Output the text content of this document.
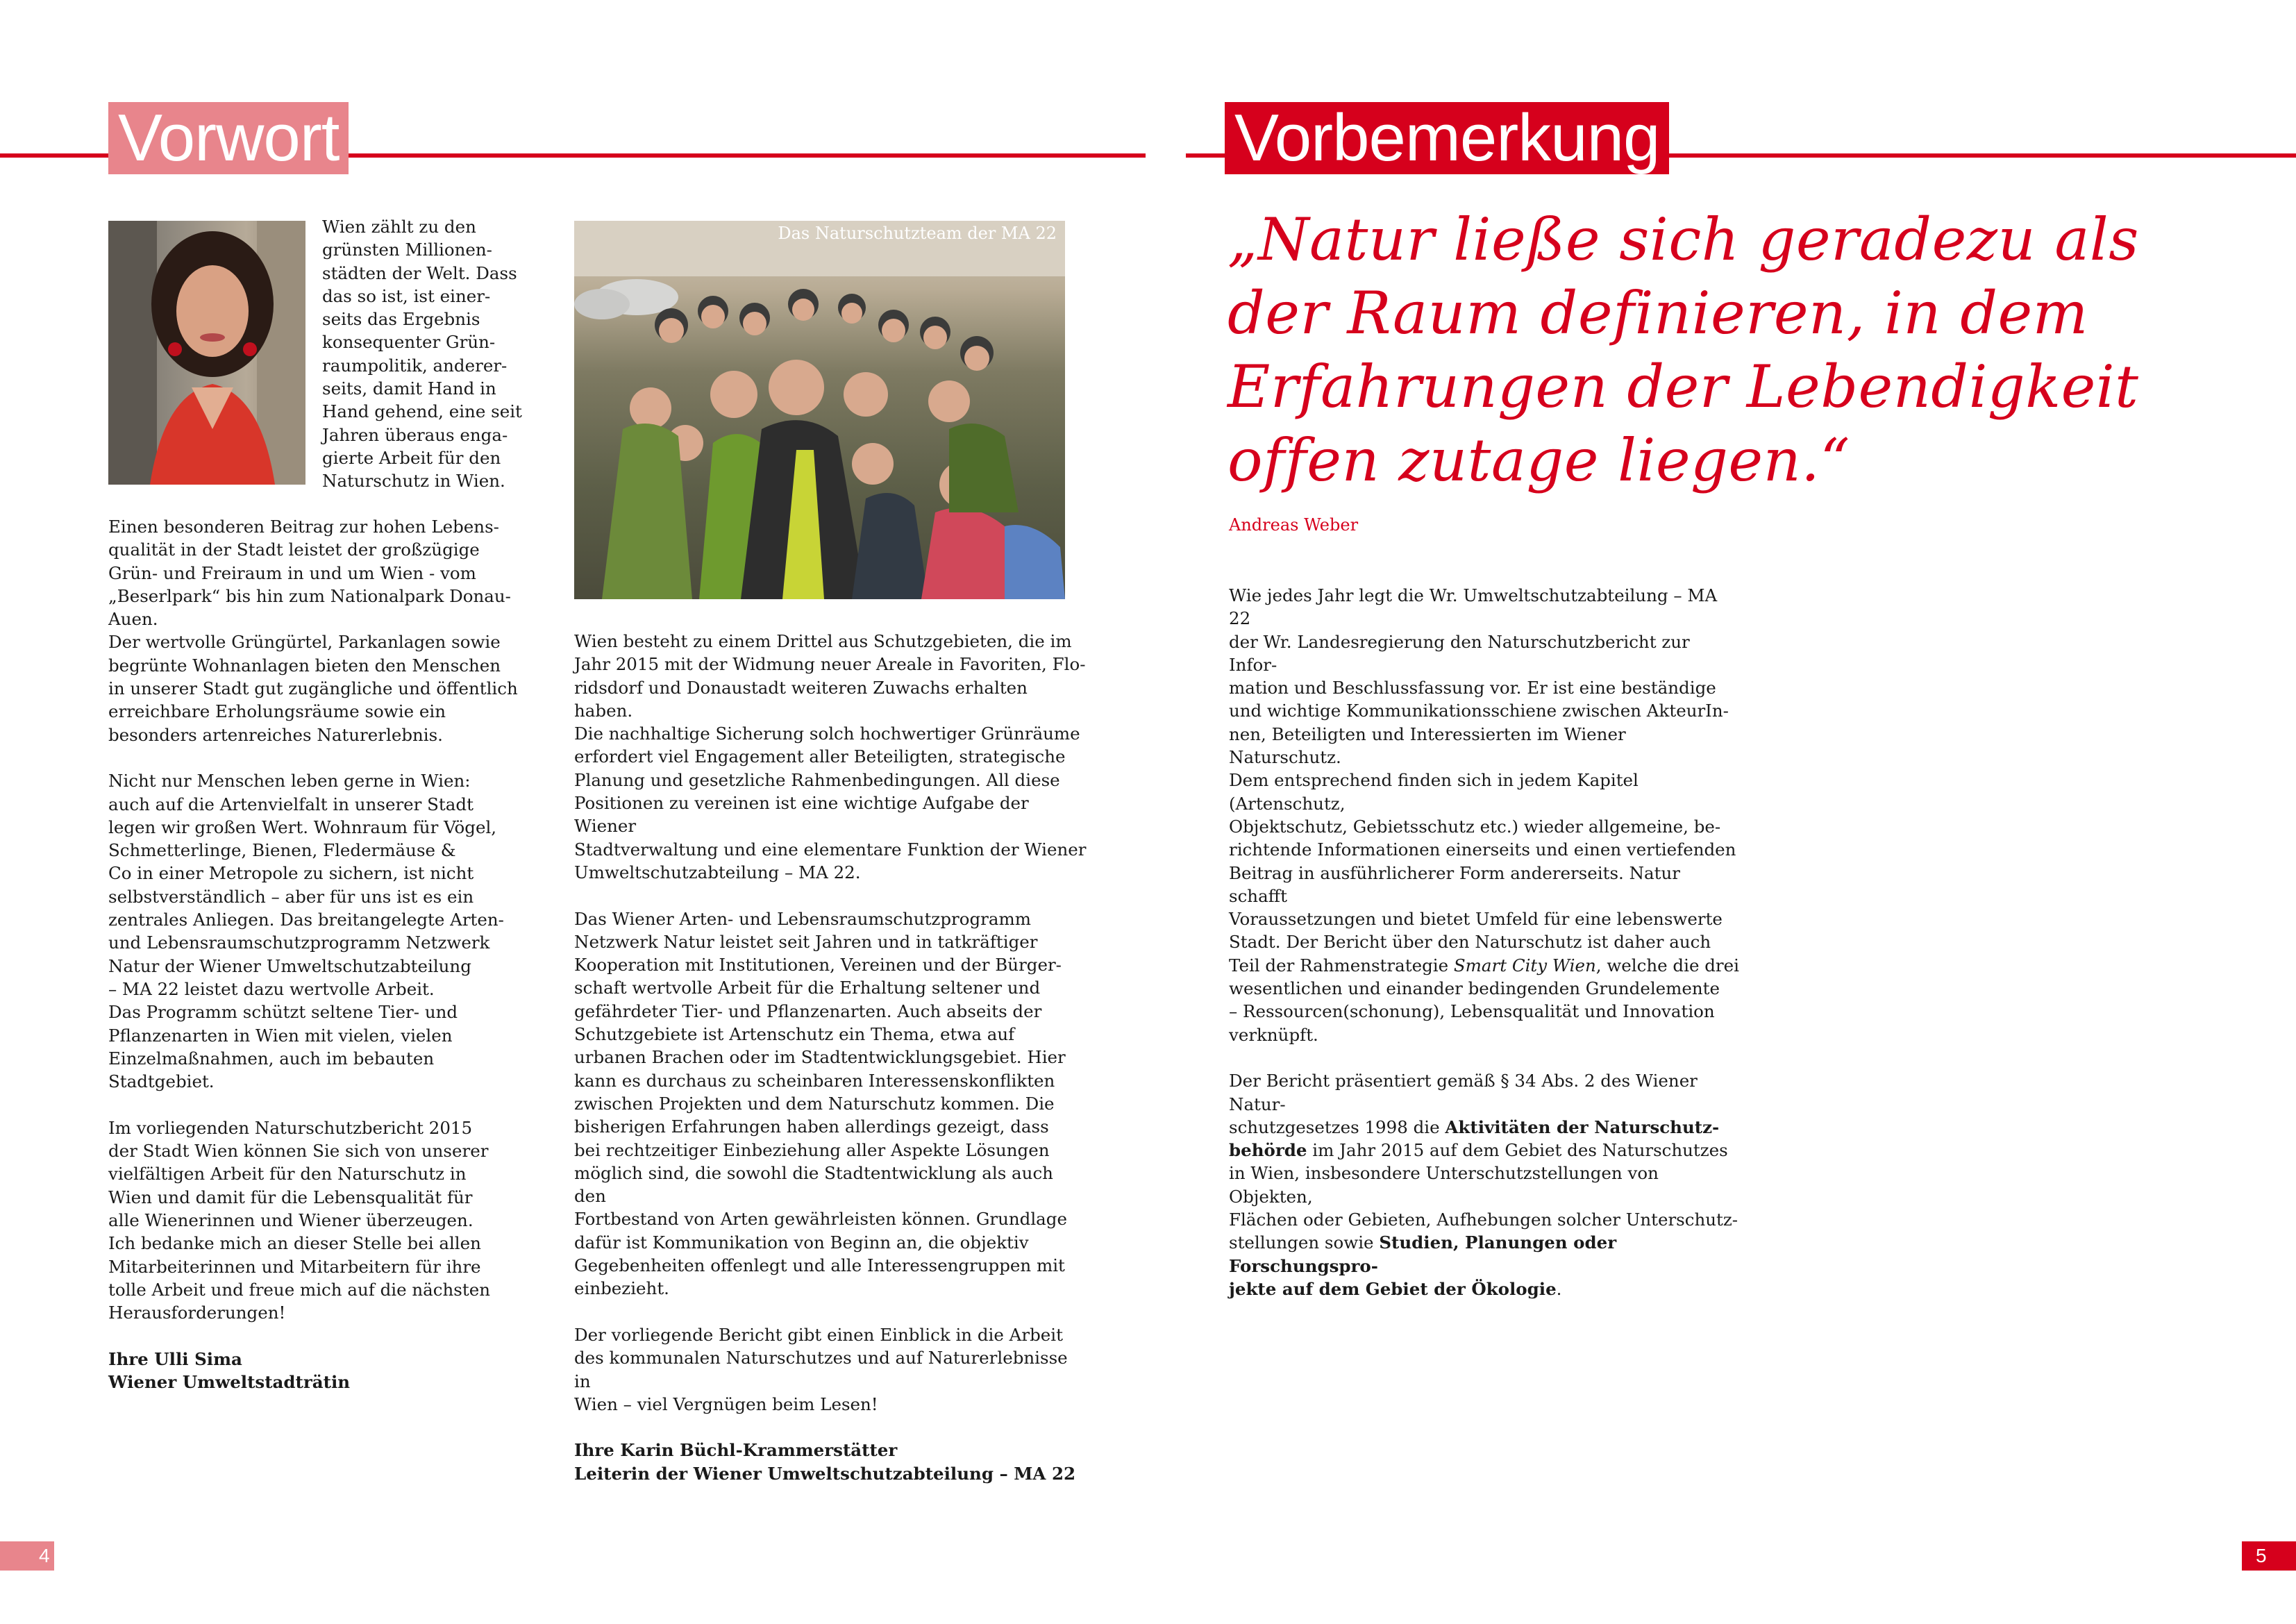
Vorwort	Vorbemerkung
Wien zählt zu den
grünsten Millionen-
städten der Welt. Dass
das so ist, ist einer-
seits das Ergebnis
konsequenter Grün-
raumpolitik, anderer-
seits, damit Hand in
Hand gehend, eine seit
Jahren überaus enga-
gierte Arbeit für den
Naturschutz in Wien.

Einen besonderen Beitrag zur hohen Lebens-
qualität in der Stadt leistet der großzügige
Grün- und Freiraum in und um Wien - vom
„Beserlpark“ bis hin zum Nationalpark Donau-
Auen.
Der wertvolle Grüngürtel, Parkanlagen sowie
begrünte Wohnanlagen bieten den Menschen
in unserer Stadt gut zugängliche und öffentlich
erreichbare Erholungsräume sowie ein
besonders artenreiches Naturerlebnis.

Nicht nur Menschen leben gerne in Wien:
auch auf die Artenvielfalt in unserer Stadt
legen wir großen Wert. Wohnraum für Vögel,
Schmetterlinge, Bienen, Fledermäuse &
Co in einer Metropole zu sichern, ist nicht
selbstverständlich – aber für uns ist es ein
zentrales Anliegen. Das breitangelegte Arten-
und Lebensraumschutzprogramm Netzwerk
Natur der Wiener Umweltschutzabteilung
– MA 22 leistet dazu wertvolle Arbeit.
Das Programm schützt seltene Tier- und
Pflanzenarten in Wien mit vielen, vielen
Einzelmaßnahmen, auch im bebauten
Stadtgebiet.

Im vorliegenden Naturschutzbericht 2015
der Stadt Wien können Sie sich von unserer
vielfältigen Arbeit für den Naturschutz in
Wien und damit für die Lebensqualität für
alle Wienerinnen und Wiener überzeugen.
Ich bedanke mich an dieser Stelle bei allen
Mitarbeiterinnen und Mitarbeitern für ihre
tolle Arbeit und freue mich auf die nächsten
Herausforderungen!

Ihre Ulli Sima
Wiener Umweltstadträtin
Das Naturschutzteam der MA 22

Wien besteht zu einem Drittel aus Schutzgebieten, die im
Jahr 2015 mit der Widmung neuer Areale in Favoriten, Flo-
ridsdorf und Donaustadt weiteren Zuwachs erhalten haben.
Die nachhaltige Sicherung solch hochwertiger Grünräume
erfordert viel Engagement aller Beteiligten, strategische
Planung und gesetzliche Rahmenbedingungen. All diese
Positionen zu vereinen ist eine wichtige Aufgabe der Wiener
Stadtverwaltung und eine elementare Funktion der Wiener
Umweltschutzabteilung – MA 22.

Das Wiener Arten- und Lebensraumschutzprogramm
Netzwerk Natur leistet seit Jahren und in tatkräftiger
Kooperation mit Institutionen, Vereinen und der Bürger-
schaft wertvolle Arbeit für die Erhaltung seltener und
gefährdeter Tier- und Pflanzenarten. Auch abseits der
Schutzgebiete ist Artenschutz ein Thema, etwa auf
urbanen Brachen oder im Stadtentwicklungsgebiet. Hier
kann es durchaus zu scheinbaren Interessenskonflikten
zwischen Projekten und dem Naturschutz kommen. Die
bisherigen Erfahrungen haben allerdings gezeigt, dass
bei rechtzeitiger Einbeziehung aller Aspekte Lösungen
möglich sind, die sowohl die Stadtentwicklung als auch den
Fortbestand von Arten gewährleisten können. Grundlage
dafür ist Kommunikation von Beginn an, die objektiv
Gegebenheiten offenlegt und alle Interessengruppen mit
einbezieht.

Der vorliegende Bericht gibt einen Einblick in die Arbeit
des kommunalen Naturschutzes und auf Naturerlebnisse in
Wien – viel Vergnügen beim Lesen!

Ihre Karin Büchl-Krammerstätter
Leiterin der Wiener Umweltschutzabteilung – MA 22
„Natur ließe sich geradezu als
der Raum definieren, in dem
Erfahrungen der Lebendigkeit
offen zutage liegen.“
Andreas Weber

Wie jedes Jahr legt die Wr. Umweltschutzabteilung – MA 22
der Wr. Landesregierung den Naturschutzbericht zur Infor-
mation und Beschlussfassung vor. Er ist eine beständige
und wichtige Kommunikationsschiene zwischen AkteurIn-
nen, Beteiligten und Interessierten im Wiener Naturschutz.
Dem entsprechend finden sich in jedem Kapitel (Artenschutz,
Objektschutz, Gebietsschutz etc.) wieder allgemeine, be-
richtende Informationen einerseits und einen vertiefenden
Beitrag in ausführlicherer Form andererseits. Natur schafft
Voraussetzungen und bietet Umfeld für eine lebenswerte
Stadt. Der Bericht über den Naturschutz ist daher auch
Teil der Rahmenstrategie Smart City Wien, welche die drei
wesentlichen und einander bedingenden Grundelemente
– Ressourcen(schonung), Lebensqualität und Innovation
verknüpft.

Der Bericht präsentiert gemäß § 34 Abs. 2 des Wiener Natur-
schutzgesetzes 1998 die Aktivitäten der Naturschutz-
behörde im Jahr 2015 auf dem Gebiet des Naturschutzes
in Wien, insbesondere Unterschutzstellungen von Objekten,
Flächen oder Gebieten, Aufhebungen solcher Unterschutz-
stellungen sowie Studien, Planungen oder Forschungspro-
jekte auf dem Gebiet der Ökologie.

4	5
